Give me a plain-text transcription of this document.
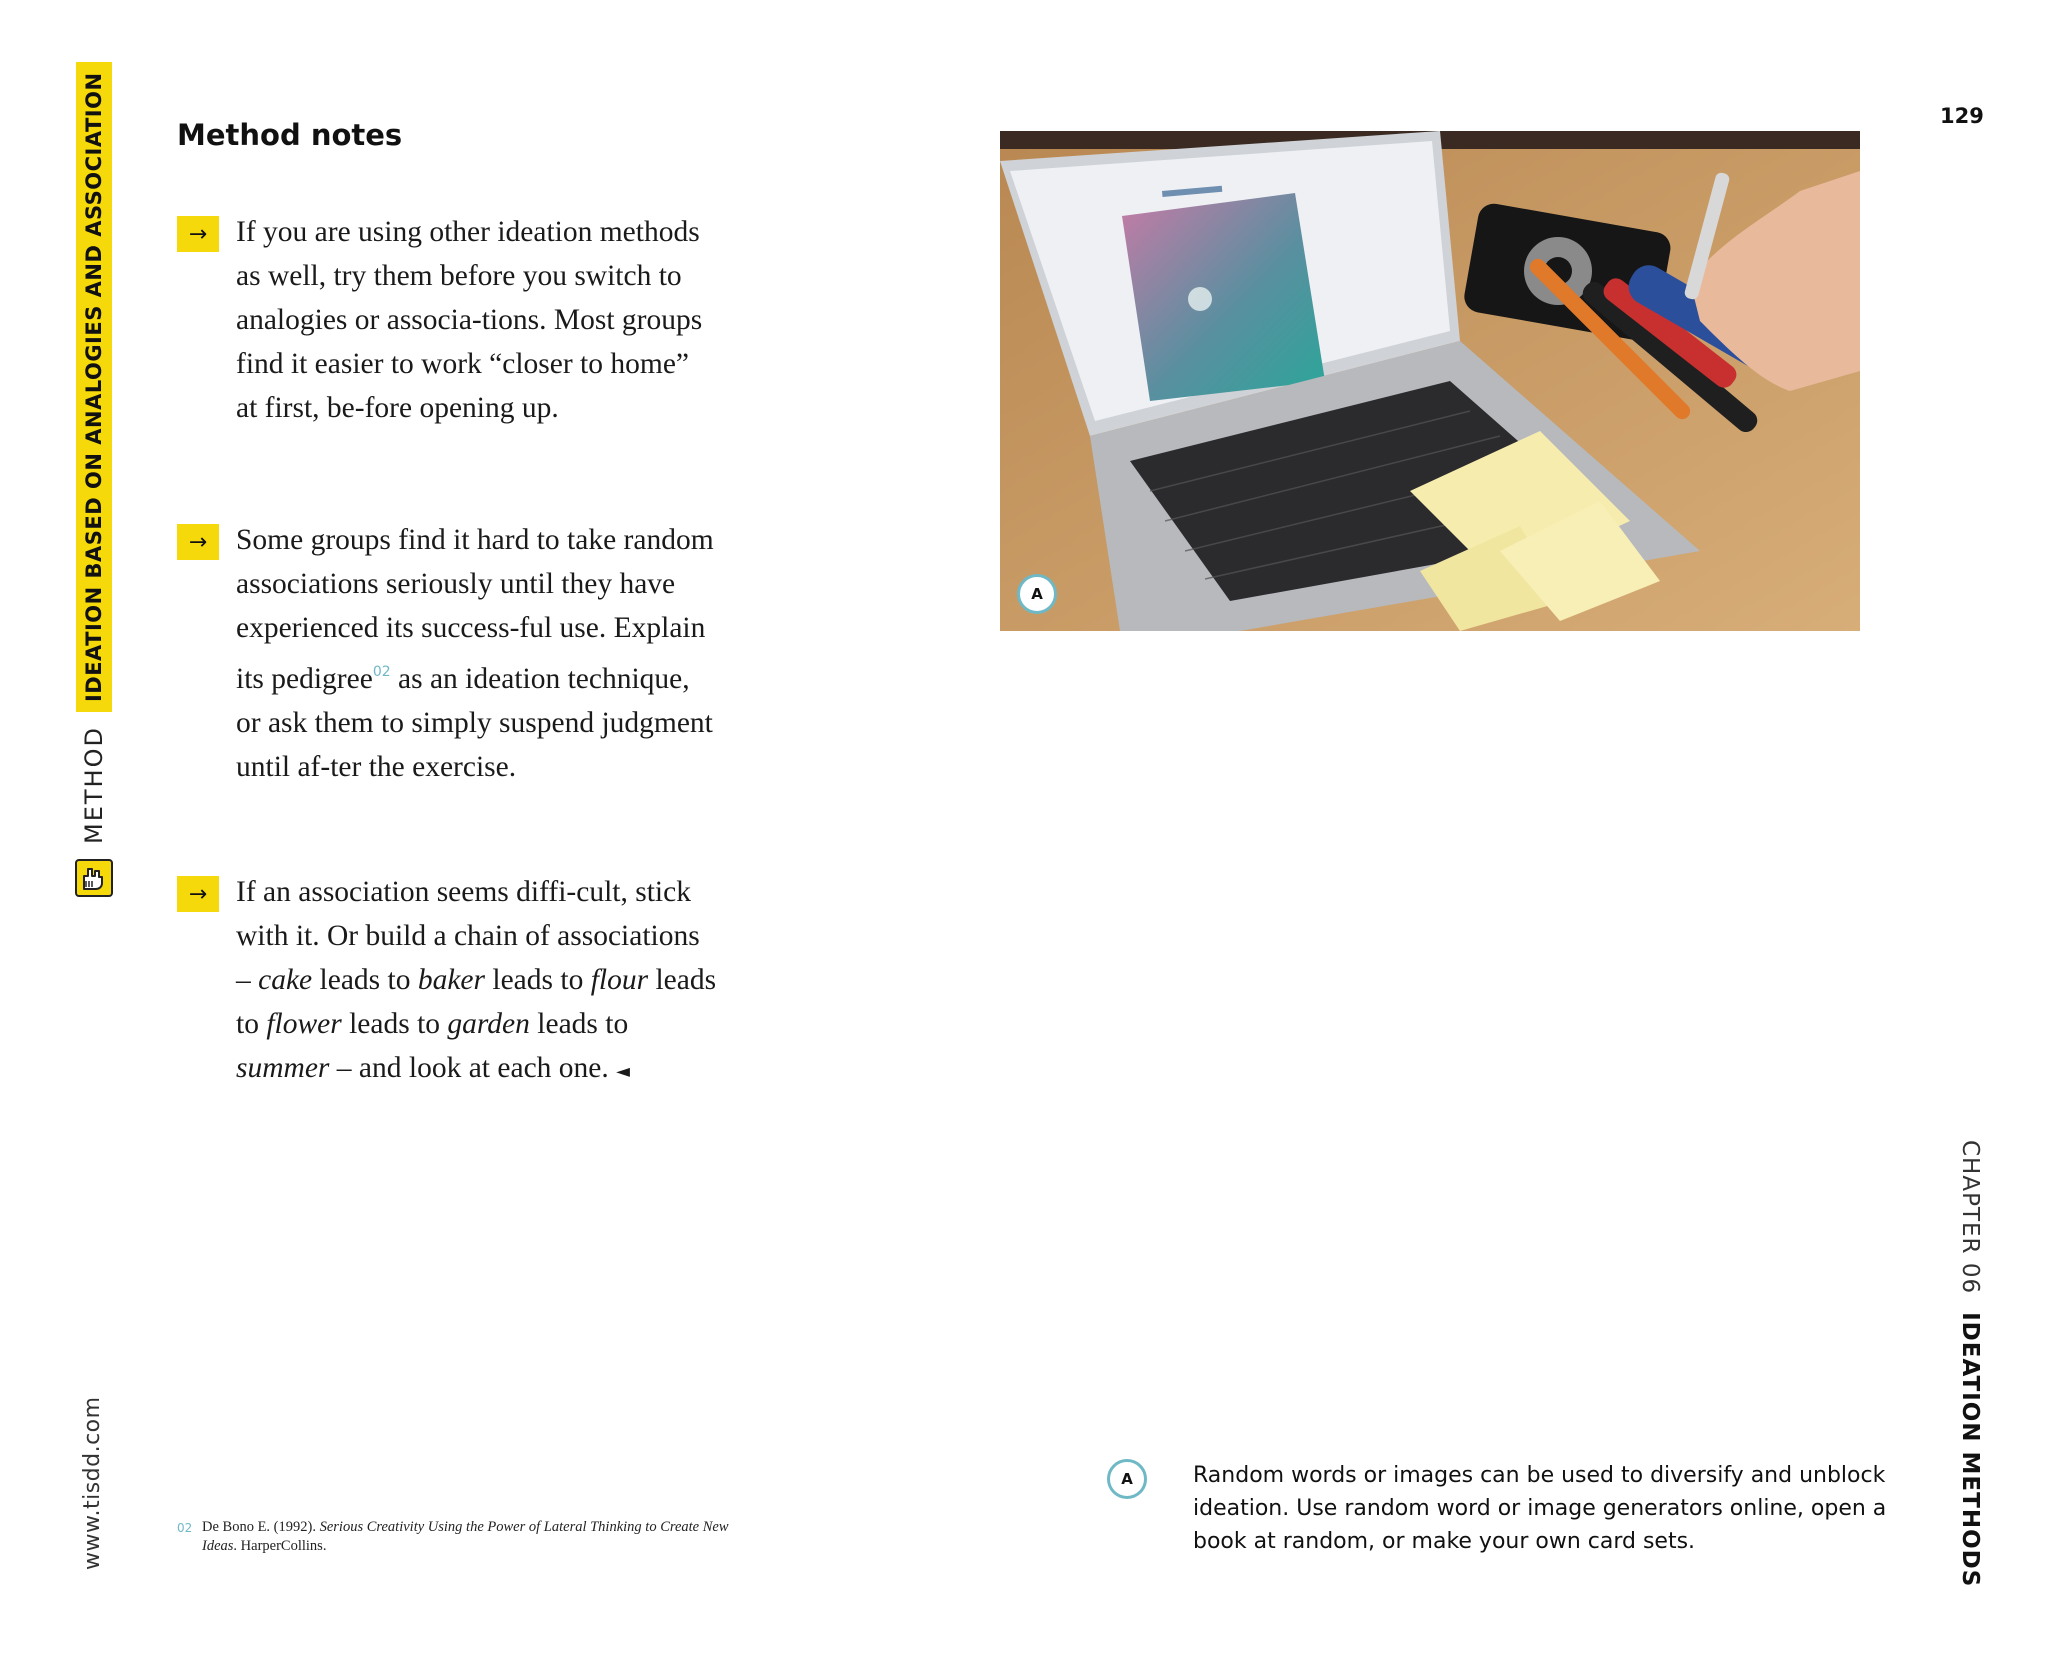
METHOD
IDEATION BASED ON ANALOGIES AND ASSOCIATION
www.tisdd.com
CHAPTER 06
IDEATION METHODS
129
Method notes
→ If you are using other ideation methods as well, try them before you switch to analogies or associa-tions. Most groups find it easier to work “closer to home” at first, be-fore opening up.
→ Some groups find it hard to take random associations seriously until they have experienced its success-ful use. Explain its pedigree$^{02}$ as an ideation technique, or ask them to simply suspend judgment until af-ter the exercise.
→ If an association seems diffi-cult, stick with it. Or build a chain of associations – cake leads to baker leads to flour leads to flower leads to garden leads to summer – and look at each one. ◄
02 De Bono E. (1992). Serious Creativity Using the Power of Lateral Thinking to Create New Ideas. HarperCollins.
A
A	Random words or images can be used to diversify and unblock ideation. Use random word or image generators online, open a book at random, or make your own card sets.
